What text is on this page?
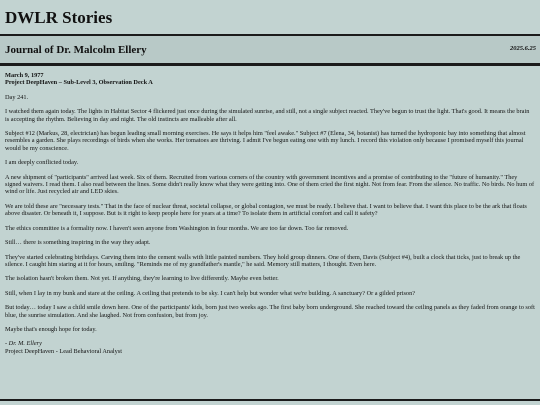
DWLR Stories
Journal of Dr. Malcolm Ellery	2025.6.25
March 9, 1977
Project DeepHaven – Sub-Level 3, Observation Deck A

Day 241.

I watched them again today. The lights in Habitat Sector 4 flickered just once during the simulated sunrise, and still, not a single subject reacted. They've begun to trust the light. That's good. It means the brain is accepting the rhythm. Believing in day and night. The old instincts are malleable after all.

Subject #12 (Markus, 28, electrician) has begun leading small morning exercises. He says it helps him "feel awake." Subject #7 (Elena, 34, botanist) has turned the hydroponic bay into something that almost resembles a garden. She plays recordings of birds when she works. Her tomatoes are thriving. I admit I've begun eating one with my lunch. I record this violation only because I promised myself this journal would be my conscience.

I am deeply conflicted today.

A new shipment of "participants" arrived last week. Six of them. Recruited from various corners of the country with government incentives and a promise of contributing to the "future of humanity." They signed waivers. I read them. I also read between the lines. Some didn't really know what they were getting into. One of them cried the first night. Not from fear. From the silence. No traffic. No birds. No hum of wind or life. Just recycled air and LED skies.

We are told these are "necessary tests." That in the face of nuclear threat, societal collapse, or global contagion, we must be ready. I believe that. I want to believe that. I want this place to be the ark that floats above disaster. Or beneath it, I suppose. But is it right to keep people here for years at a time? To isolate them in artificial comfort and call it safety?

The ethics committee is a formality now. I haven't seen anyone from Washington in four months. We are too far down. Too far removed.

Still… there is something inspiring in the way they adapt.

They've started celebrating birthdays. Carving them into the cement walls with little painted numbers. They hold group dinners. One of them, Davis (Subject #4), built a clock that ticks, just to break up the silence. I caught him staring at it for hours, smiling. "Reminds me of my grandfather's mantle," he said. Memory still matters, I thought. Even here.

The isolation hasn't broken them. Not yet. If anything, they're learning to live differently. Maybe even better.

Still, when I lay in my bunk and stare at the ceiling. A ceiling that pretends to be sky. I can't help but wonder what we're building. A sanctuary? Or a gilded prison?

But today… today I saw a child smile down here. One of the participants' kids, born just two weeks ago. The first baby born underground. She reached toward the ceiling panels as they faded from orange to soft blue, the sunrise simulation. And she laughed. Not from confusion, but from joy.

Maybe that's enough hope for today.

- Dr. M. Ellery
Project DeepHaven - Lead Behavioral Analyst
